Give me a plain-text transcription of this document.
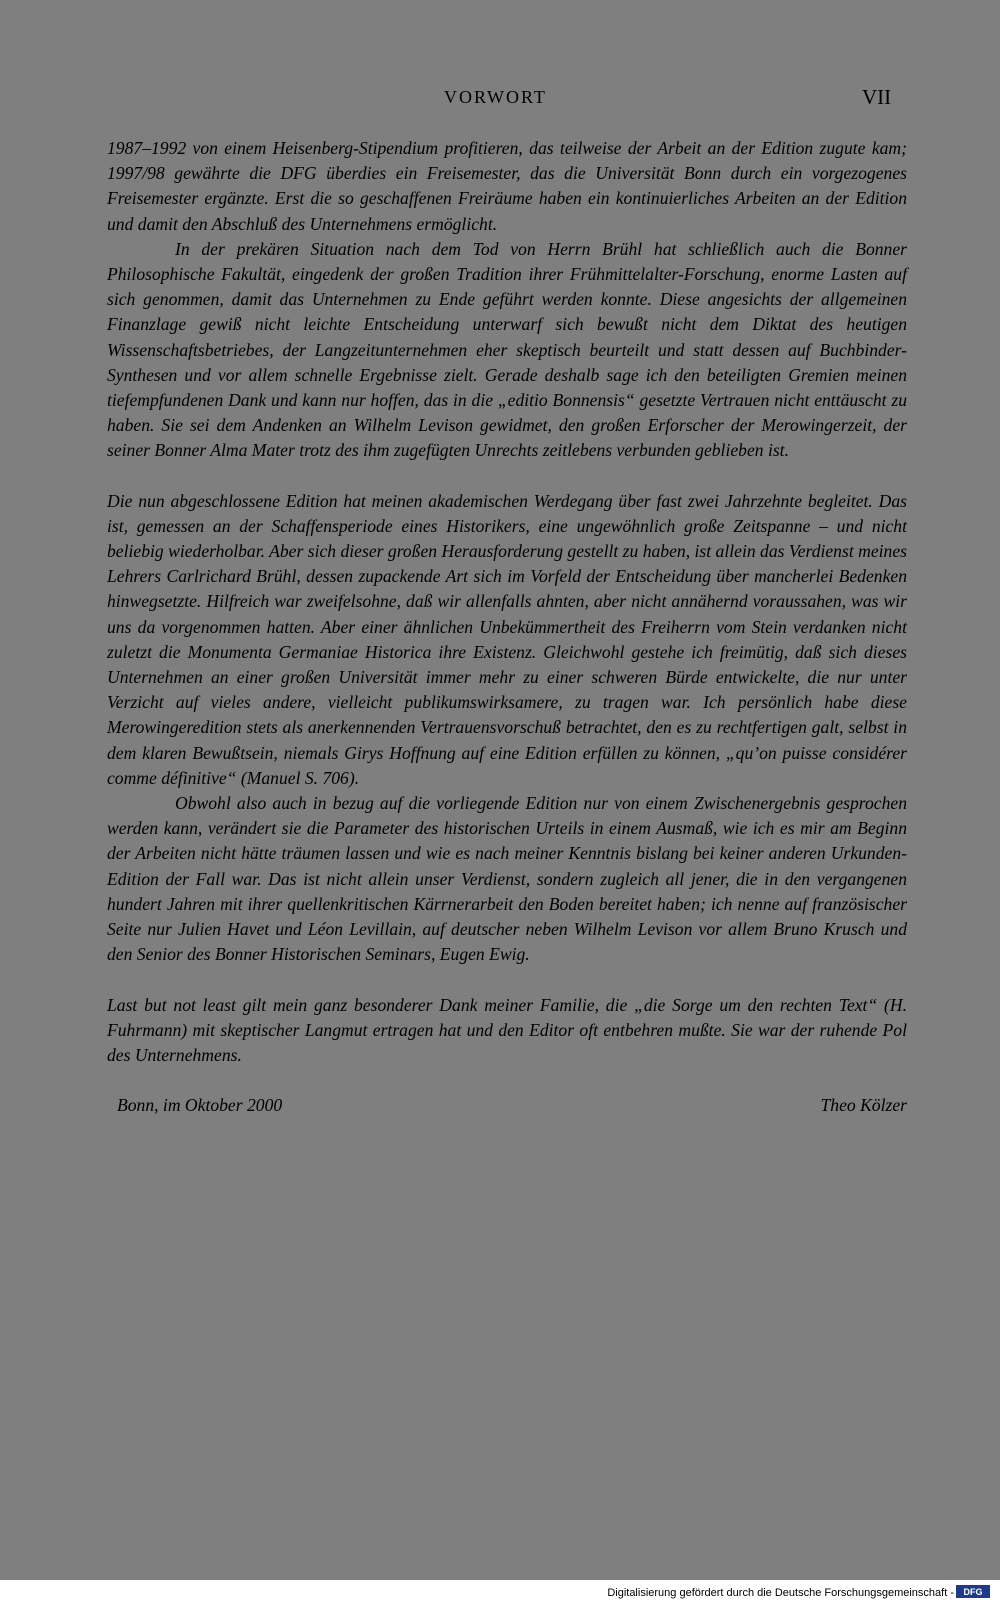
VORWORT	VII

1987–1992 von einem Heisenberg-Stipendium profitieren, das teilweise der Arbeit an der Edition zugute kam; 1997/98 gewährte die DFG überdies ein Freisemester, das die Universität Bonn durch ein vorgezogenes Freisemester ergänzte. Erst die so geschaffenen Freiräume haben ein kontinuierliches Arbeiten an der Edition und damit den Abschluß des Unternehmens ermöglicht.

In der prekären Situation nach dem Tod von Herrn Brühl hat schließlich auch die Bonner Philosophische Fakultät, eingedenk der großen Tradition ihrer Frühmittelalter-Forschung, enorme Lasten auf sich genommen, damit das Unternehmen zu Ende geführt werden konnte. Diese angesichts der allgemeinen Finanzlage gewiß nicht leichte Entscheidung unterwarf sich bewußt nicht dem Diktat des heutigen Wissenschaftsbetriebes, der Langzeitunternehmen eher skeptisch beurteilt und statt dessen auf Buchbinder-Synthesen und vor allem schnelle Ergebnisse zielt. Gerade deshalb sage ich den beteiligten Gremien meinen tiefempfundenen Dank und kann nur hoffen, das in die „editio Bonnensis“ gesetzte Vertrauen nicht enttäuscht zu haben. Sie sei dem Andenken an Wilhelm Levison gewidmet, den großen Erforscher der Merowingerzeit, der seiner Bonner Alma Mater trotz des ihm zugefügten Unrechts zeitlebens verbunden geblieben ist.

Die nun abgeschlossene Edition hat meinen akademischen Werdegang über fast zwei Jahrzehnte begleitet. Das ist, gemessen an der Schaffensperiode eines Historikers, eine ungewöhnlich große Zeitspanne – und nicht beliebig wiederholbar. Aber sich dieser großen Herausforderung gestellt zu haben, ist allein das Verdienst meines Lehrers Carlrichard Brühl, dessen zupackende Art sich im Vorfeld der Entscheidung über mancherlei Bedenken hinwegsetzte. Hilfreich war zweifelsohne, daß wir allenfalls ahnten, aber nicht annähernd voraussahen, was wir uns da vorgenommen hatten. Aber einer ähnlichen Unbekümmertheit des Freiherrn vom Stein verdanken nicht zuletzt die Monumenta Germaniae Historica ihre Existenz. Gleichwohl gestehe ich freimütig, daß sich dieses Unternehmen an einer großen Universität immer mehr zu einer schweren Bürde entwickelte, die nur unter Verzicht auf vieles andere, vielleicht publikumswirksamere, zu tragen war. Ich persönlich habe diese Merowingeredition stets als anerkennenden Vertrauensvorschuß betrachtet, den es zu rechtfertigen galt, selbst in dem klaren Bewußtsein, niemals Girys Hoffnung auf eine Edition erfüllen zu können, „qu’on puisse considérer comme définitive“ (Manuel S. 706).

Obwohl also auch in bezug auf die vorliegende Edition nur von einem Zwischenergebnis gesprochen werden kann, verändert sie die Parameter des historischen Urteils in einem Ausmaß, wie ich es mir am Beginn der Arbeiten nicht hätte träumen lassen und wie es nach meiner Kenntnis bislang bei keiner anderen Urkunden-Edition der Fall war. Das ist nicht allein unser Verdienst, sondern zugleich all jener, die in den vergangenen hundert Jahren mit ihrer quellenkritischen Kärrnerarbeit den Boden bereitet haben; ich nenne auf französischer Seite nur Julien Havet und Léon Levillain, auf deutscher neben Wilhelm Levison vor allem Bruno Krusch und den Senior des Bonner Historischen Seminars, Eugen Ewig.

Last but not least gilt mein ganz besonderer Dank meiner Familie, die „die Sorge um den rechten Text“ (H. Fuhrmann) mit skeptischer Langmut ertragen hat und den Editor oft entbehren mußte. Sie war der ruhende Pol des Unternehmens.

Bonn, im Oktober 2000	Theo Kölzer
Digitalisierung gefördert durch die Deutsche Forschungsgemeinschaft - DFG
